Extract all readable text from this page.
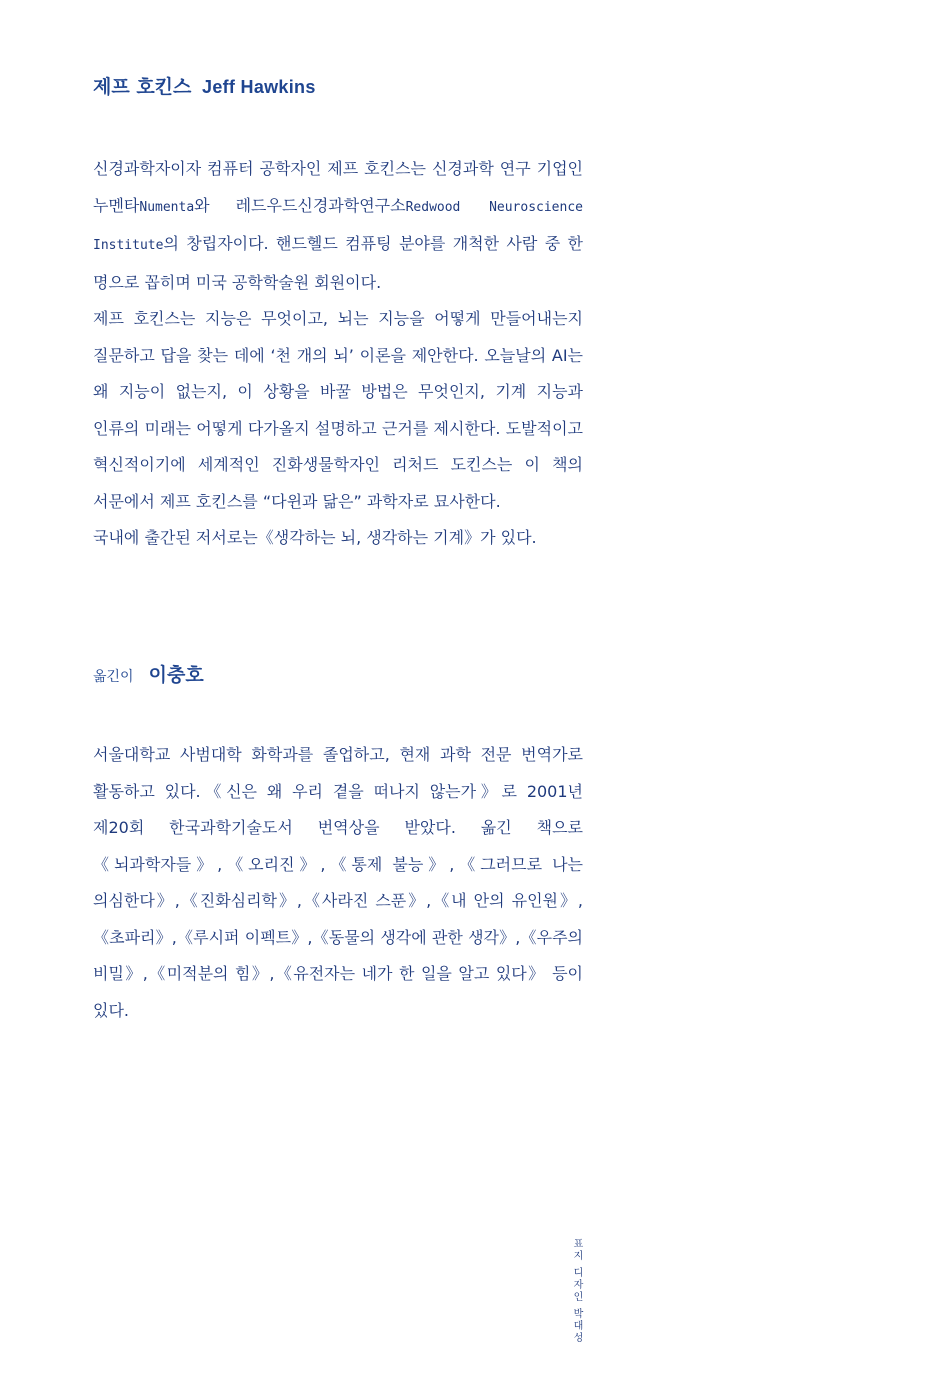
제프 호킨스 Jeff Hawkins

신경과학자이자 컴퓨터 공학자인 제프 호킨스는 신경과학 연구 기업인 누멘타Numenta와 레드우드신경과학연구소Redwood Neuroscience Institute의 창립자이다. 핸드헬드 컴퓨팅 분야를 개척한 사람 중 한 명으로 꼽히며 미국 공학학술원 회원이다.

제프 호킨스는 지능은 무엇이고, 뇌는 지능을 어떻게 만들어내는지 질문하고 답을 찾는 데에 ‘천 개의 뇌’ 이론을 제안한다. 오늘날의 AI는 왜 지능이 없는지, 이 상황을 바꿀 방법은 무엇인지, 기계 지능과 인류의 미래는 어떻게 다가올지 설명하고 근거를 제시한다. 도발적이고 혁신적이기에 세계적인 진화생물학자인 리처드 도킨스는 이 책의 서문에서 제프 호킨스를 “다윈과 닮은” 과학자로 묘사한다.

국내에 출간된 저서로는《생각하는 뇌, 생각하는 기계》가 있다.

옮긴이 이충호

서울대학교 사범대학 화학과를 졸업하고, 현재 과학 전문 번역가로 활동하고 있다.《신은 왜 우리 곁을 떠나지 않는가》로 2001년 제20회 한국과학기술도서 번역상을 받았다. 옮긴 책으로《뇌과학자들》,《오리진》,《통제 불능》,《그러므로 나는 의심한다》,《진화심리학》,《사라진 스푼》,《내 안의 유인원》,《초파리》,《루시퍼 이펙트》,《동물의 생각에 관한 생각》,《우주의 비밀》,《미적분의 힘》,《유전자는 네가 한 일을 알고 있다》 등이 있다.

표지 디자인 박대성
